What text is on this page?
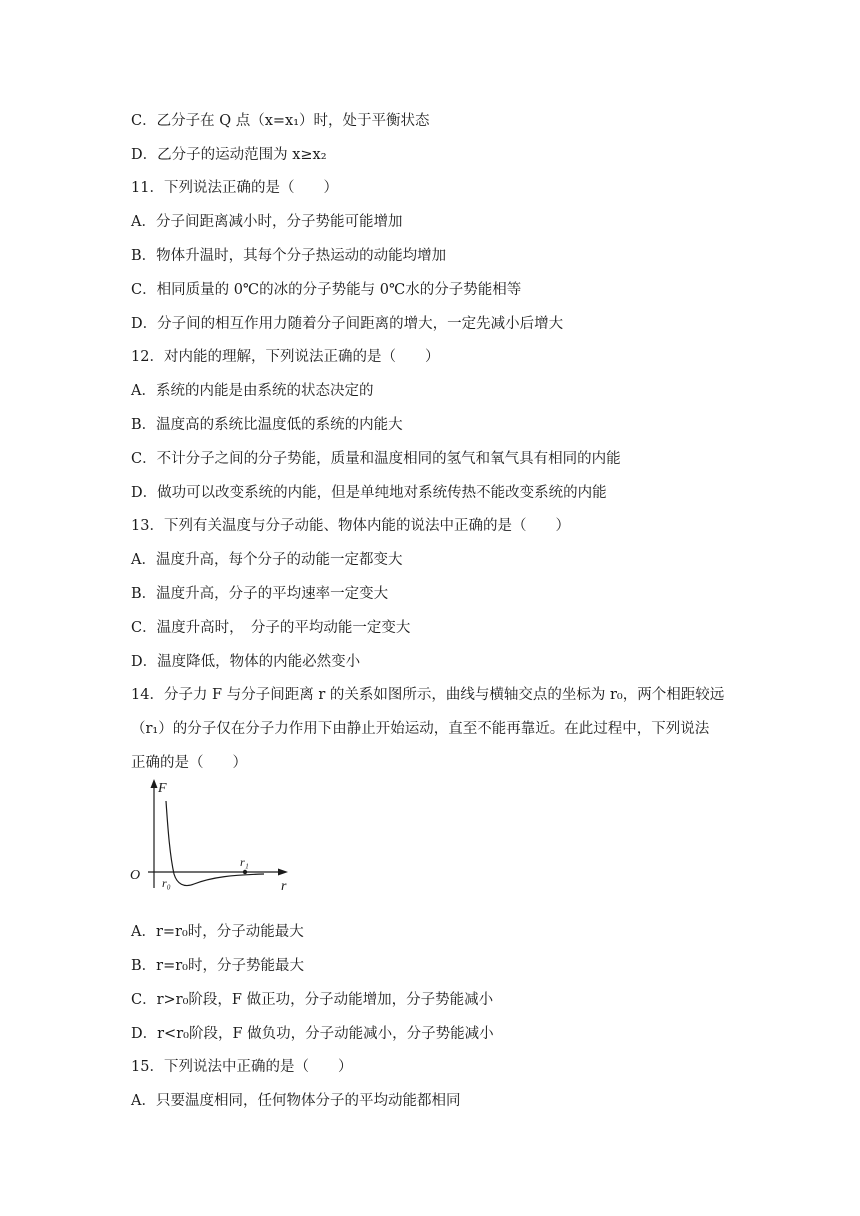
C．乙分子在 Q 点（x=x₁）时，处于平衡状态
D．乙分子的运动范围为 x≥x₂
11．下列说法正确的是（　　）
A．分子间距离减小时，分子势能可能增加
B．物体升温时，其每个分子热运动的动能均增加
C．相同质量的 0℃的冰的分子势能与 0℃水的分子势能相等
D．分子间的相互作用力随着分子间距离的增大，一定先减小后增大
12．对内能的理解，下列说法正确的是（　　）
A．系统的内能是由系统的状态决定的
B．温度高的系统比温度低的系统的内能大
C．不计分子之间的分子势能，质量和温度相同的氢气和氧气具有相同的内能
D．做功可以改变系统的内能，但是单纯地对系统传热不能改变系统的内能
13．下列有关温度与分子动能、物体内能的说法中正确的是（　　）
A．温度升高，每个分子的动能一定都变大
B．温度升高，分子的平均速率一定变大
C．温度升高时，　分子的平均动能一定变大
D．温度降低，物体的内能必然变小
14．分子力 F 与分子间距离 r 的关系如图所示，曲线与横轴交点的坐标为 r₀，两个相距较远
（r₁）的分子仅在分子力作用下由静止开始运动，直至不能再靠近。在此过程中，下列说法
正确的是（　　）
F
r
O r₀
r₁
A．r=r₀时，分子动能最大
B．r=r₀时，分子势能最大
C．r>r₀阶段，F 做正功，分子动能增加，分子势能减小
D．r<r₀阶段，F 做负功，分子动能减小，分子势能减小
15．下列说法中正确的是（　　）
A．只要温度相同，任何物体分子的平均动能都相同
